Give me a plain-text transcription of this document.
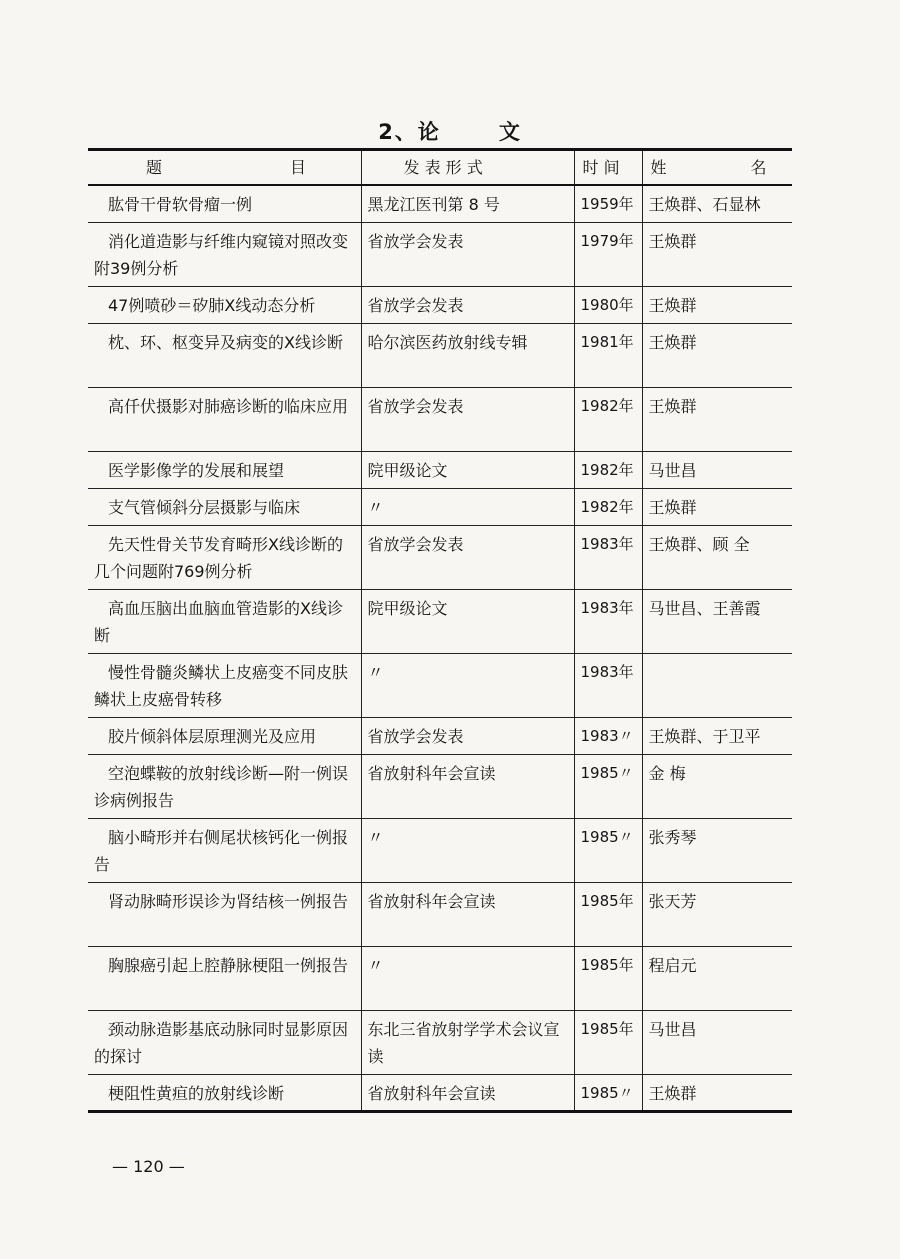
2、论	文
题 目	发 表 形 式	时 间	姓 名
肱骨干骨软骨瘤一例	黑龙江医刊第 8 号	1959年	王焕群、石显林
消化道造影与纤维内窥镜对照改变附39例分析	省放学会发表	1979年	王焕群
47例喷砂＝矽肺X线动态分析	省放学会发表	1980年	王焕群
枕、环、枢变异及病变的X线诊断	哈尔滨医药放射线专辑	1981年	王焕群
高仟伏摄影对肺癌诊断的临床应用	省放学会发表	1982年	王焕群
医学影像学的发展和展望	院甲级论文	1982年	马世昌
支气管倾斜分层摄影与临床	〃	1982年	王焕群
先天性骨关节发育畸形X线诊断的几个问题附769例分析	省放学会发表	1983年	王焕群、顾 全
高血压脑出血脑血管造影的X线诊断	院甲级论文	1983年	马世昌、王善霞
慢性骨髓炎鳞状上皮癌变不同皮肤鳞状上皮癌骨转移	〃	1983年	
胶片倾斜体层原理测光及应用	省放学会发表	1983〃	王焕群、于卫平
空泡蝶鞍的放射线诊断—附一例误诊病例报告	省放射科年会宣读	1985〃	金 梅
脑小畸形并右侧尾状核钙化一例报告	〃	1985〃	张秀琴
肾动脉畸形误诊为肾结核一例报告	省放射科年会宣读	1985年	张天芳
胸腺癌引起上腔静脉梗阻一例报告	〃	1985年	程启元
颈动脉造影基底动脉同时显影原因的探讨	东北三省放射学学术会议宣读	1985年	马世昌
梗阻性黄疸的放射线诊断	省放射科年会宣读	1985〃	王焕群
— 120 —
